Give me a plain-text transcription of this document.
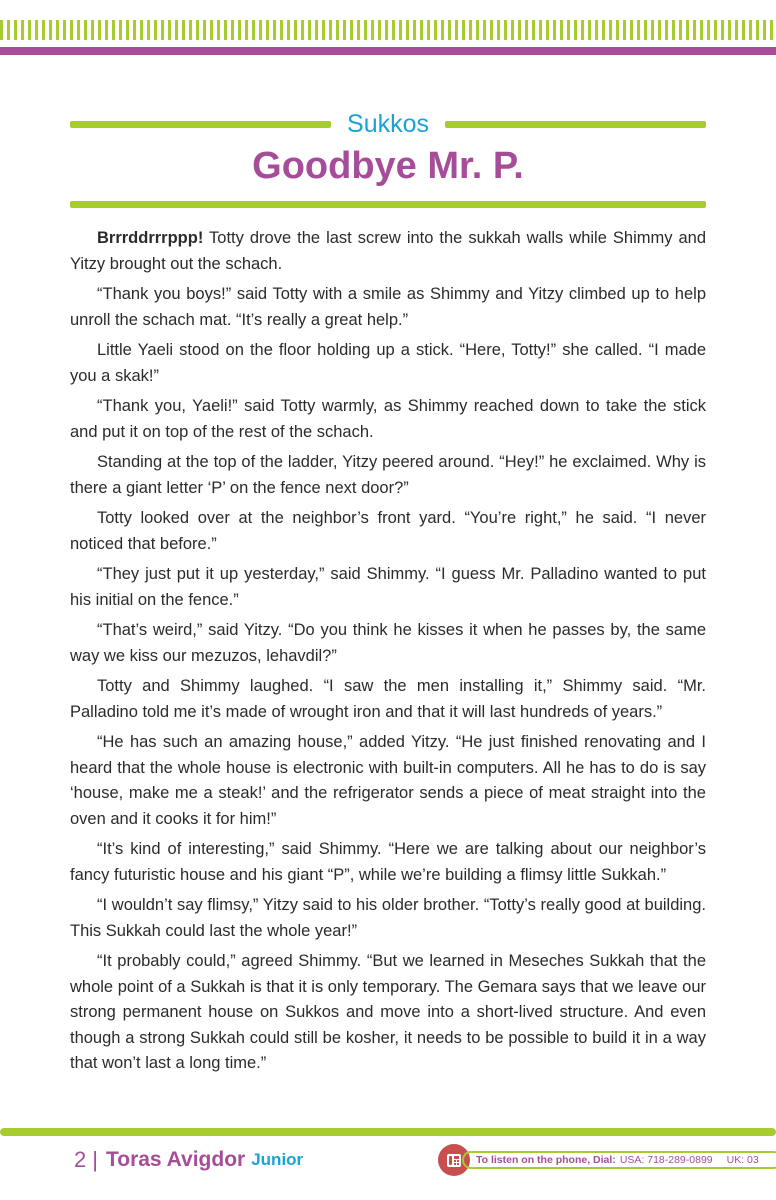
Sukkos
Goodbye Mr. P.

Brrrddrrrppp! Totty drove the last screw into the sukkah walls while Shimmy and Yitzy brought out the schach.

“Thank you boys!” said Totty with a smile as Shimmy and Yitzy climbed up to help unroll the schach mat. “It’s really a great help.”

Little Yaeli stood on the floor holding up a stick. “Here, Totty!” she called. “I made you a skak!”

“Thank you, Yaeli!” said Totty warmly, as Shimmy reached down to take the stick and put it on top of the rest of the schach.

Standing at the top of the ladder, Yitzy peered around. “Hey!” he exclaimed. Why is there a giant letter ‘P’ on the fence next door?”

Totty looked over at the neighbor’s front yard. “You’re right,” he said. “I never noticed that before.”

“They just put it up yesterday,” said Shimmy. “I guess Mr. Palladino wanted to put his initial on the fence.”

“That’s weird,” said Yitzy. “Do you think he kisses it when he passes by, the same way we kiss our mezuzos, lehavdil?”

Totty and Shimmy laughed. “I saw the men installing it,” Shimmy said. “Mr. Palladino told me it’s made of wrought iron and that it will last hundreds of years.”

“He has such an amazing house,” added Yitzy. “He just finished renovating and I heard that the whole house is electronic with built-in computers. All he has to do is say ‘house, make me a steak!’ and the refrigerator sends a piece of meat straight into the oven and it cooks it for him!”

“It’s kind of interesting,” said Shimmy. “Here we are talking about our neighbor’s fancy futuristic house and his giant “P”, while we’re building a flimsy little Sukkah.”

“I wouldn’t say flimsy,” Yitzy said to his older brother. “Totty’s really good at building. This Sukkah could last the whole year!”

“It probably could,” agreed Shimmy. “But we learned in Meseches Sukkah that the whole point of a Sukkah is that it is only temporary. The Gemara says that we leave our strong permanent house on Sukkos and move into a short-lived structure. And even though a strong Sukkah could still be kosher, it needs to be possible to build it in a way that won’t last a long time.”

2 | Toras Avigdor Junior	To listen on the phone, Dial: USA: 718-289-0899 UK: 03
